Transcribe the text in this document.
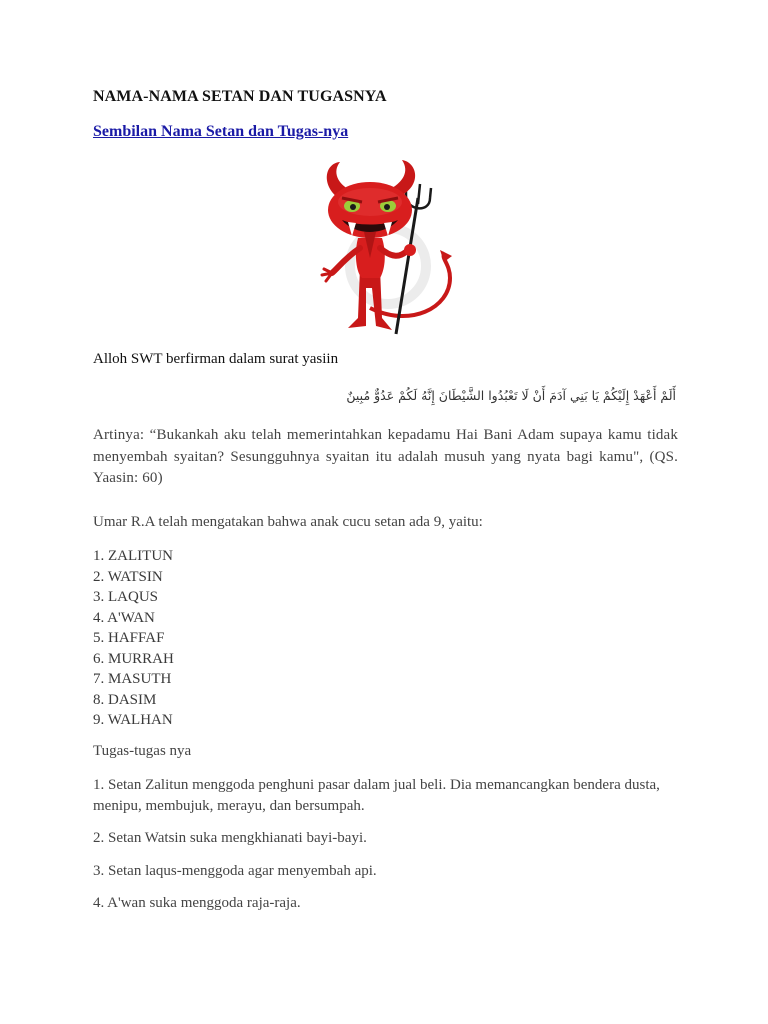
NAMA-NAMA SETAN DAN TUGASNYA
Sembilan Nama Setan dan Tugas-nya
Alloh SWT berfirman dalam surat yasiin
أَلَمْ أَعْهَدْ إِلَيْكُمْ يَا بَنِي آدَمَ أَنْ لَا تَعْبُدُوا الشَّيْطَانَ إِنَّهُ لَكُمْ عَدُوٌّ مُبِينٌ
Artinya: “Bukankah aku telah memerintahkan kepadamu Hai Bani Adam supaya kamu tidak menyembah syaitan? Sesungguhnya syaitan itu adalah musuh yang nyata bagi kamu", (QS. Yaasin: 60)
Umar R.A telah mengatakan bahwa anak cucu setan ada 9, yaitu:
1. ZALITUN
2. WATSIN
3. LAQUS
4. A'WAN
5. HAFFAF
6. MURRAH
7. MASUTH
8. DASIM
9. WALHAN
Tugas-tugas nya
1. Setan Zalitun menggoda penghuni pasar dalam jual beli. Dia memancangkan bendera dusta, menipu, membujuk, merayu, dan bersumpah.
2. Setan Watsin suka mengkhianati bayi-bayi.
3. Setan laqus-menggoda agar menyembah api.
4. A'wan suka menggoda raja-raja.
